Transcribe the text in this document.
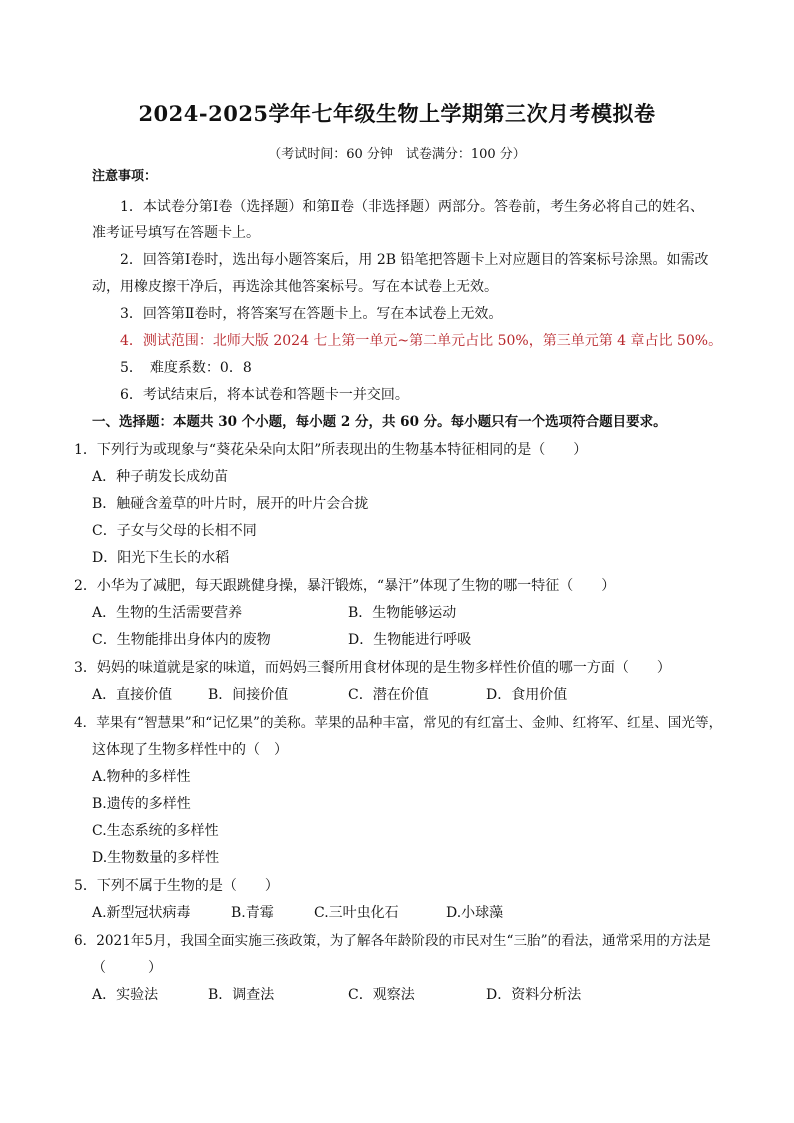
2024-2025学年七年级生物上学期第三次月考模拟卷
（考试时间：60 分钟　试卷满分：100 分）
注意事项：
1．本试卷分第Ⅰ卷（选择题）和第Ⅱ卷（非选择题）两部分。答卷前，考生务必将自己的姓名、
准考证号填写在答题卡上。
2．回答第Ⅰ卷时，选出每小题答案后，用 2B 铅笔把答题卡上对应题目的答案标号涂黑。如需改
动，用橡皮擦干净后，再选涂其他答案标号。写在本试卷上无效。
3．回答第Ⅱ卷时，将答案写在答题卡上。写在本试卷上无效。
4．测试范围：北师大版 2024 七上第一单元~第二单元占比 50%，第三单元第 4 章占比 50%。
5．　难度系数：0．8
6．考试结束后，将本试卷和答题卡一并交回。
一、选择题：本题共 30 个小题，每小题 2 分，共 60 分。每小题只有一个选项符合题目要求。
1．下列行为或现象与“葵花朵朵向太阳”所表现出的生物基本特征相同的是（　　）
A．种子萌发长成幼苗
B．触碰含羞草的叶片时，展开的叶片会合拢
C．子女与父母的长相不同
D．阳光下生长的水稻
2．小华为了减肥，每天跟跳健身操，暴汗锻炼，“暴汗”体现了生物的哪一特征（　　）
A．生物的生活需要营养	B．生物能够运动
C．生物能排出身体内的废物	D．生物能进行呼吸
3．妈妈的味道就是家的味道，而妈妈三餐所用食材体现的是生物多样性价值的哪一方面（　　）
A．直接价值	B．间接价值	C．潜在价值	D．食用价值
4．苹果有“智慧果”和“记忆果”的美称。苹果的品种丰富，常见的有红富士、金帅、红将军、红星、国光等，
这体现了生物多样性中的（　）
A.物种的多样性
B.遗传的多样性
C.生态系统的多样性
D.生物数量的多样性
5．下列不属于生物的是（　　）
A.新型冠状病毒	B.青霉	C.三叶虫化石	D.小球藻
6．2021年5月，我国全面实施三孩政策，为了解各年龄阶段的市民对生“三胎”的看法，通常采用的方法是
（　　　）
A．实验法	B．调查法	C．观察法	D．资料分析法
